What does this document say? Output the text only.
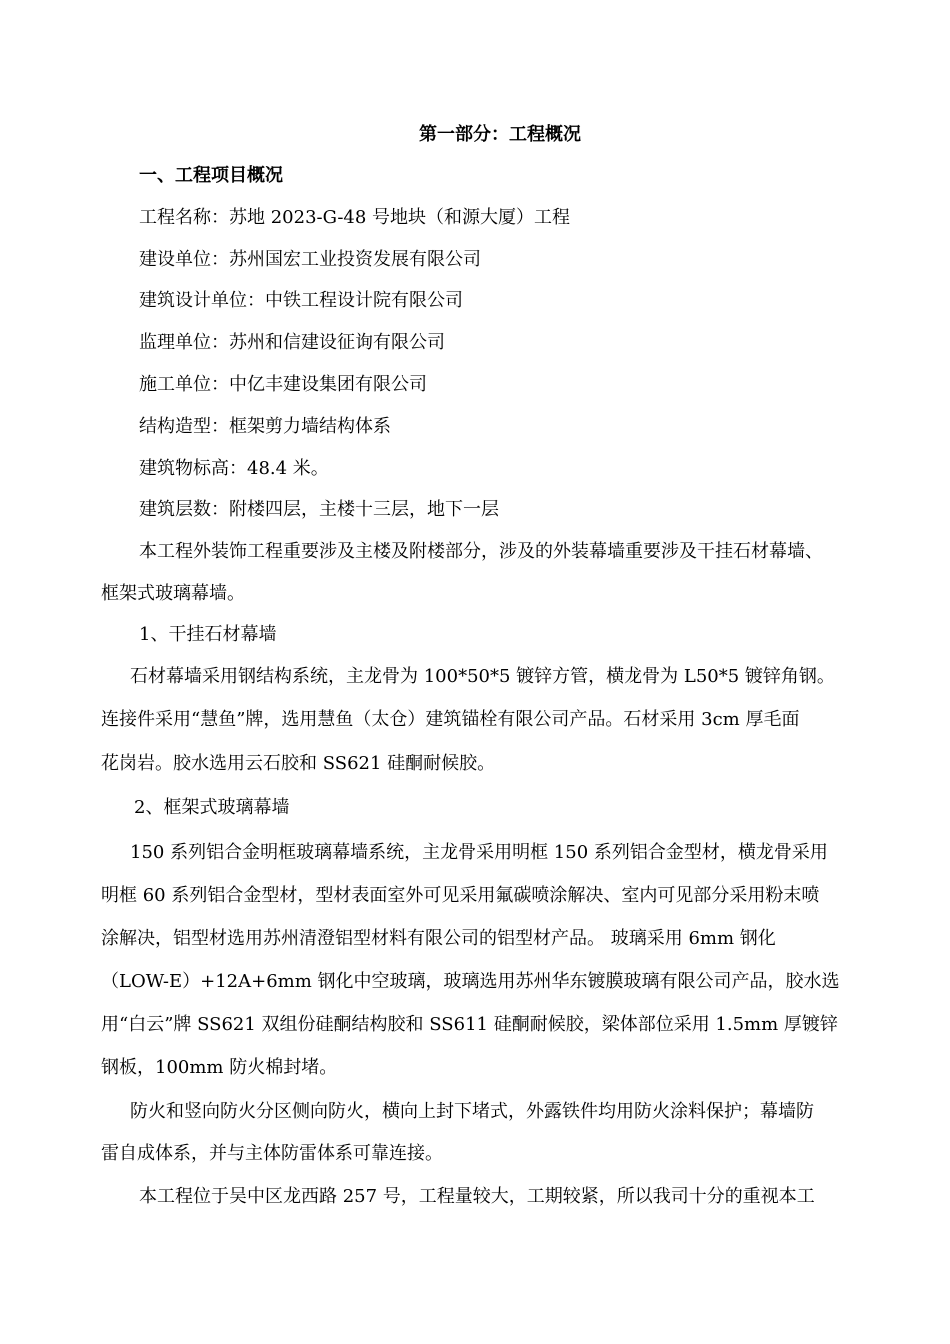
第一部分：工程概况
一、工程项目概况
工程名称：苏地 2023-G-48 号地块（和源大厦）工程
建设单位：苏州国宏工业投资发展有限公司
建筑设计单位：中铁工程设计院有限公司
监理单位：苏州和信建设征询有限公司
施工单位：中亿丰建设集团有限公司
结构造型：框架剪力墙结构体系
建筑物标高：48.4 米。
建筑层数：附楼四层，主楼十三层，地下一层
本工程外装饰工程重要涉及主楼及附楼部分，涉及的外装幕墙重要涉及干挂石材幕墙、
框架式玻璃幕墙。
1、干挂石材幕墙
石材幕墙采用钢结构系统，主龙骨为 100*50*5 镀锌方管，横龙骨为 L50*5 镀锌角钢。
连接件采用“慧鱼”牌，选用慧鱼（太仓）建筑锚栓有限公司产品。石材采用 3cm 厚毛面
花岗岩。胶水选用云石胶和 SS621 硅酮耐候胶。
2、框架式玻璃幕墙
150 系列铝合金明框玻璃幕墙系统，主龙骨采用明框 150 系列铝合金型材，横龙骨采用
明框 60 系列铝合金型材，型材表面室外可见采用氟碳喷涂解决、室内可见部分采用粉末喷
涂解决，铝型材选用苏州清澄铝型材料有限公司的铝型材产品。 玻璃采用 6mm 钢化
（LOW-E）+12A+6mm 钢化中空玻璃，玻璃选用苏州华东镀膜玻璃有限公司产品，胶水选
用“白云”牌 SS621 双组份硅酮结构胶和 SS611 硅酮耐候胶，梁体部位采用 1.5mm 厚镀锌
钢板，100mm 防火棉封堵。
防火和竖向防火分区侧向防火，横向上封下堵式，外露铁件均用防火涂料保护；幕墙防
雷自成体系，并与主体防雷体系可靠连接。
本工程位于吴中区龙西路 257 号，工程量较大，工期较紧，所以我司十分的重视本工
